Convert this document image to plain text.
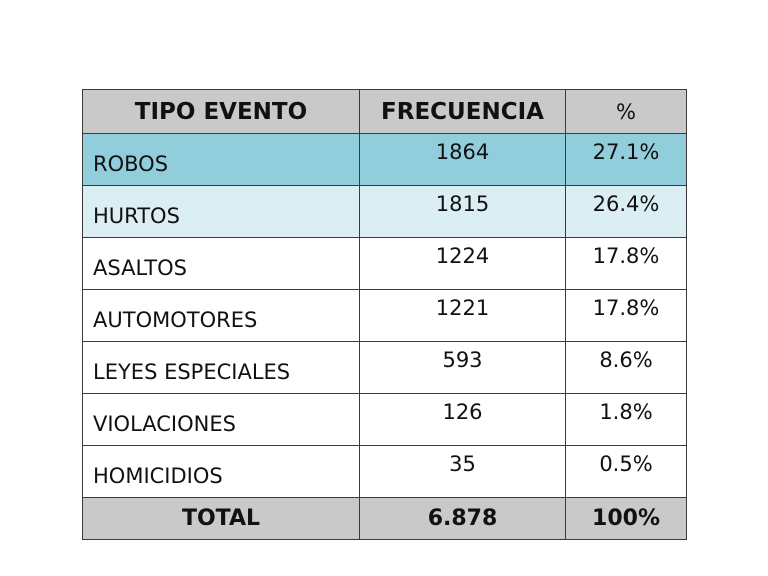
TIPO EVENTO	FRECUENCIA	%
ROBOS	1864	27.1%
HURTOS	1815	26.4%
ASALTOS	1224	17.8%
AUTOMOTORES	1221	17.8%
LEYES ESPECIALES	593	8.6%
VIOLACIONES	126	1.8%
HOMICIDIOS	35	0.5%
TOTAL	6.878	100%
